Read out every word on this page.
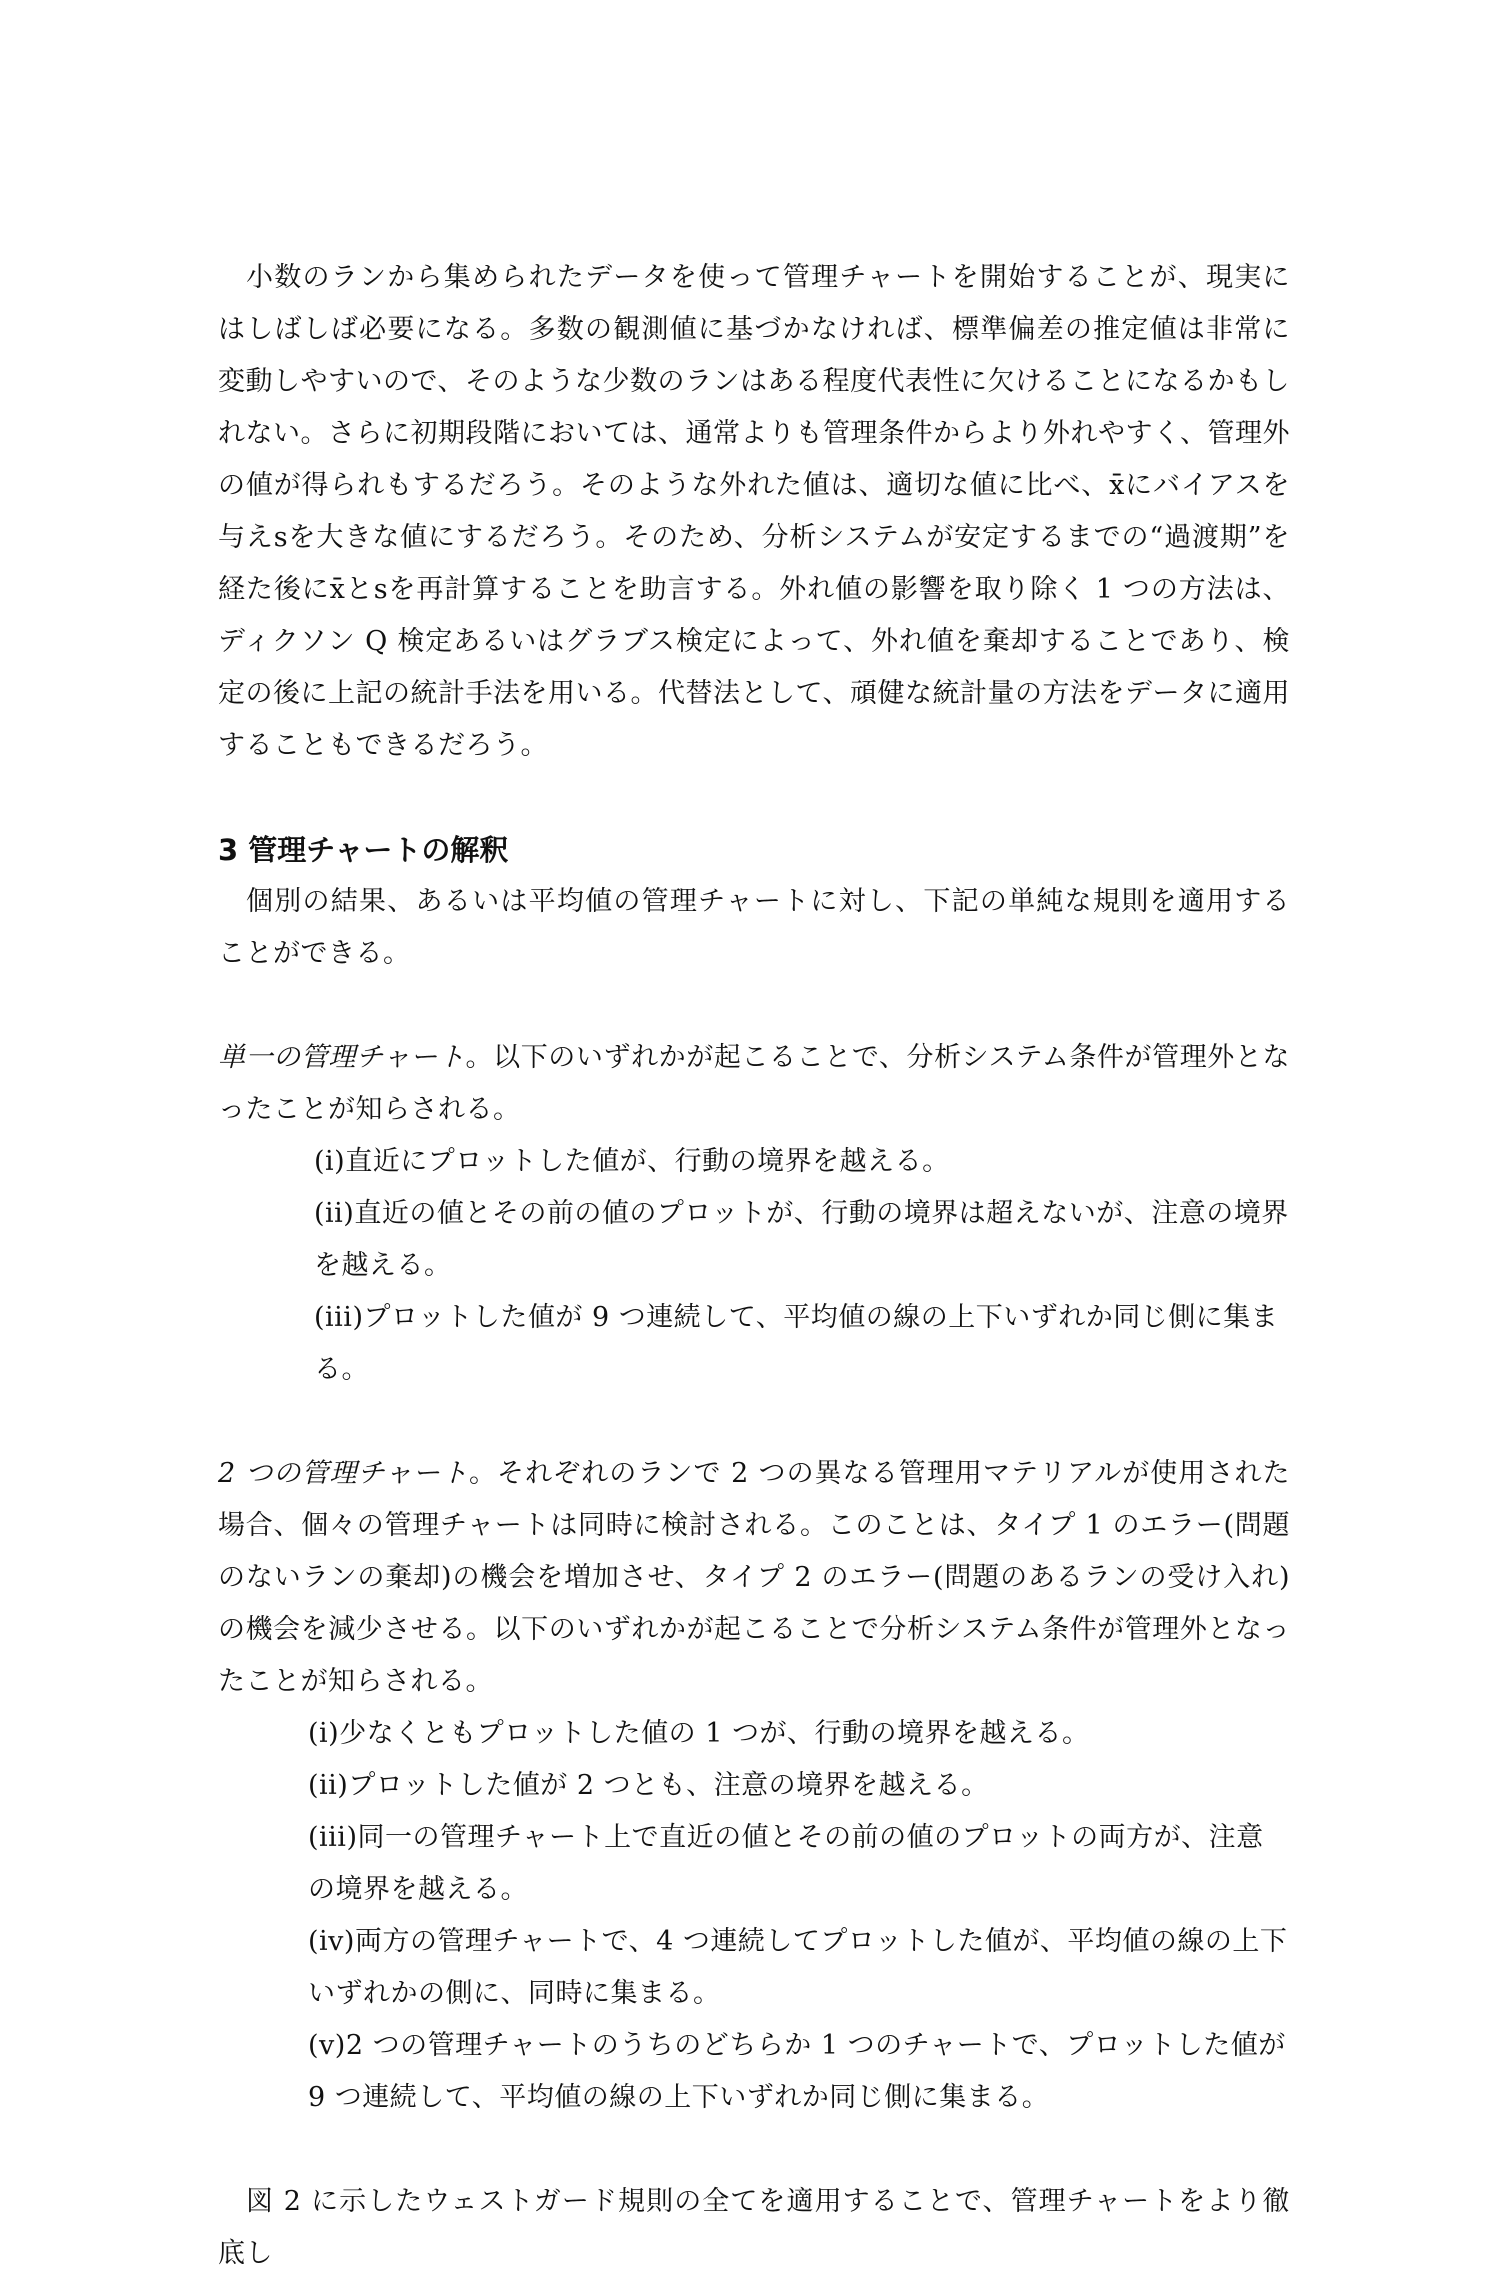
小数のランから集められたデータを使って管理チャートを開始することが、現実にはしばしば必要になる。多数の観測値に基づかなければ、標準偏差の推定値は非常に変動しやすいので、そのような少数のランはある程度代表性に欠けることになるかもしれない。さらに初期段階においては、通常よりも管理条件からより外れやすく、管理外の値が得られもするだろう。そのような外れた値は、適切な値に比べ、x̄にバイアスを与えsを大きな値にするだろう。そのため、分析システムが安定するまでの“過渡期”を経た後にx̄とsを再計算することを助言する。外れ値の影響を取り除く 1 つの方法は、ディクソン Q 検定あるいはグラブス検定によって、外れ値を棄却することであり、検定の後に上記の統計手法を用いる。代替法として、頑健な統計量の方法をデータに適用することもできるだろう。

3 管理チャートの解釈

個別の結果、あるいは平均値の管理チャートに対し、下記の単純な規則を適用することができる。

単一の管理チャート。以下のいずれかが起こることで、分析システム条件が管理外となったことが知らされる。

(i)直近にプロットした値が、行動の境界を越える。

(ii)直近の値とその前の値のプロットが、行動の境界は超えないが、注意の境界を越える。

(iii)プロットした値が 9 つ連続して、平均値の線の上下いずれか同じ側に集まる。

2 つの管理チャート。それぞれのランで 2 つの異なる管理用マテリアルが使用された場合、個々の管理チャートは同時に検討される。このことは、タイプ 1 のエラー(問題のないランの棄却)の機会を増加させ、タイプ 2 のエラー(問題のあるランの受け入れ)の機会を減少させる。以下のいずれかが起こることで分析システム条件が管理外となったことが知らされる。

(i)少なくともプロットした値の 1 つが、行動の境界を越える。

(ii)プロットした値が 2 つとも、注意の境界を越える。

(iii)同一の管理チャート上で直近の値とその前の値のプロットの両方が、注意の境界を越える。

(iv)両方の管理チャートで、4 つ連続してプロットした値が、平均値の線の上下いずれかの側に、同時に集まる。

(v)2 つの管理チャートのうちのどちらか 1 つのチャートで、プロットした値が 9 つ連続して、平均値の線の上下いずれか同じ側に集まる。

図 2 に示したウェストガード規則の全てを適用することで、管理チャートをより徹底し
